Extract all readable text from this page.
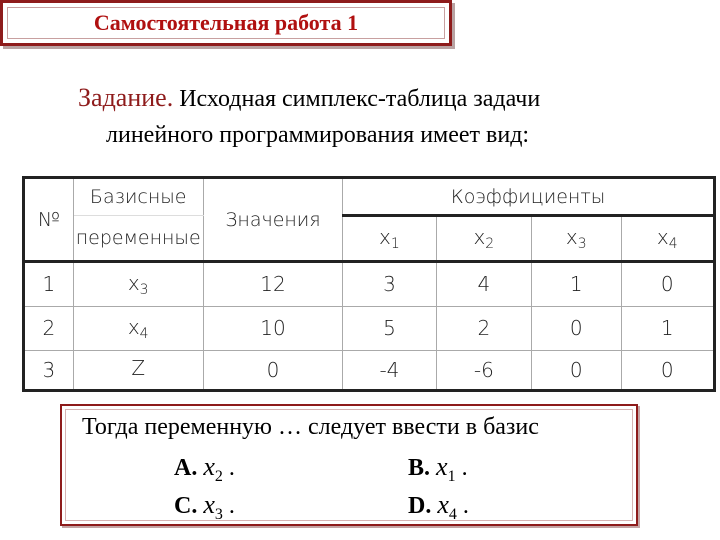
Самостоятельная работа 1
Задание. Исходная симплекс-таблица задачи
линейного программирования имеет вид:
№	Базисные	Значения	Коэффициенты			
	переменные		$x_1$	$x_2$	$x_3$	$x_4$
1	$x_3$	12	3	4	1	0
2	$x_4$	10	5	2	0	1
3	Z	0	-4	-6	0	0
Тогда переменную … следует ввести в базис
A. $x_2$ .	B. $x_1$ .
C. $x_3$ .	D. $x_4$ .
